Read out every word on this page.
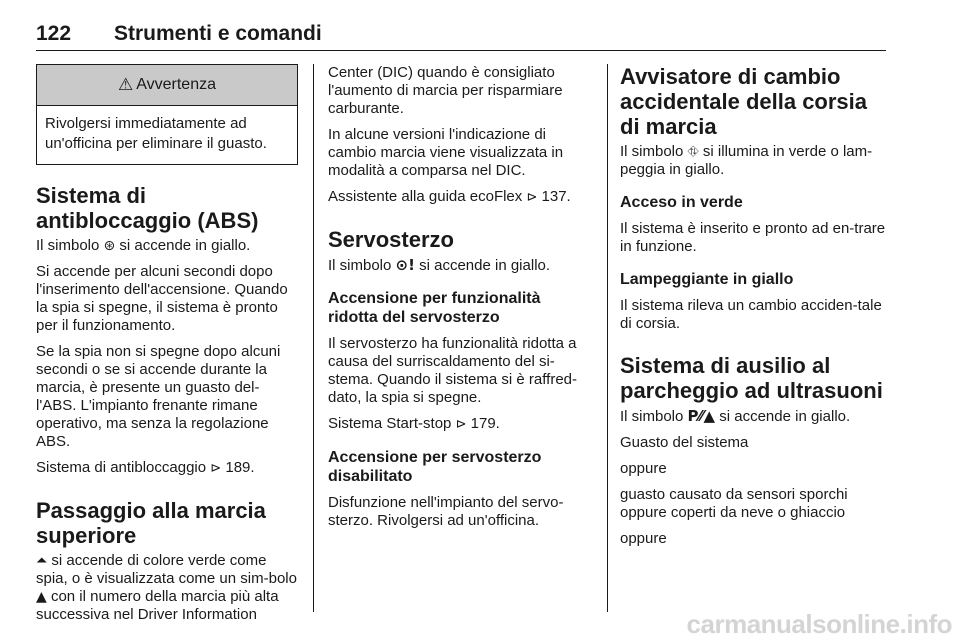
122 Strumenti e comandi
⚠ Avvertenza
Rivolgersi immediatamente ad un'officina per eliminare il guasto.
Sistema di antibloccaggio (ABS)

Il simbolo ⊛ si accende in giallo.

Si accende per alcuni secondi dopo l'inserimento dell'accensione. Quando la spia si spegne, il sistema è pronto per il funzionamento.

Se la spia non si spegne dopo alcuni secondi o se si accende durante la marcia, è presente un guasto del-l'ABS. L'impianto frenante rimane operativo, ma senza la regolazione ABS.

Sistema di antibloccaggio ⊳ 189.

Passaggio alla marcia superiore

⏶ si accende di colore verde come spia, o è visualizzata come un sim-bolo ▲ con il numero della marcia più alta successiva nel Driver Information

Center (DIC) quando è consigliato l'aumento di marcia per risparmiare carburante.

In alcune versioni l'indicazione di cambio marcia viene visualizzata in modalità a comparsa nel DIC.

Assistente alla guida ecoFlex ⊳ 137.

Servosterzo

Il simbolo ⊙! si accende in giallo.

Accensione per funzionalità ridotta del servosterzo

Il servosterzo ha funzionalità ridotta a causa del surriscaldamento del si-stema. Quando il sistema si è raffred-dato, la spia si spegne.

Sistema Start-stop ⊳ 179.

Accensione per servosterzo disabilitato

Disfunzione nell'impianto del servo-sterzo. Rivolgersi ad un'officina.

Avvisatore di cambio accidentale della corsia di marcia

Il simbolo ⛗ si illumina in verde o lam-peggia in giallo.

Acceso in verde

Il sistema è inserito e pronto ad en-trare in funzione.

Lampeggiante in giallo

Il sistema rileva un cambio acciden-tale di corsia.

Sistema di ausilio al parcheggio ad ultrasuoni

Il simbolo P⁄⁄▲ si accende in giallo.

Guasto del sistema

oppure

guasto causato da sensori sporchi oppure coperti da neve o ghiaccio

oppure

carmanualsonline.info
